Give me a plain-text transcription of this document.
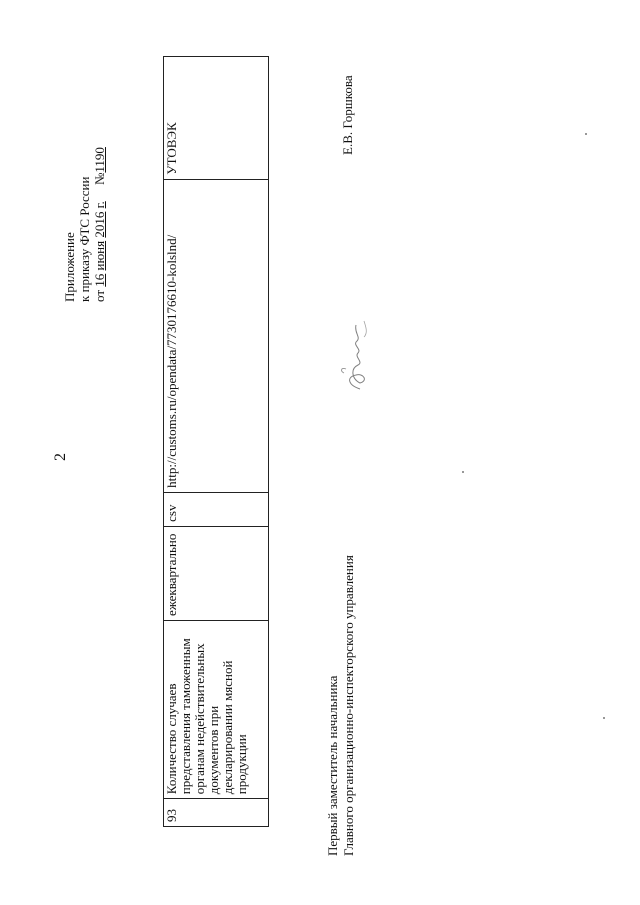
2
Приложение к приказу ФТС России от 16 июня 2016 г.     №1190
93	Количество случаев представления таможенным органам недействительных документов при декларировании мясной продукции	ежеквартально	csv	http://customs.ru/opendata/7730176610-kolslnd/	УТОВЭК
Первый заместитель начальника Главного организационно-инспекторского управления
Е.В. Горшкова
